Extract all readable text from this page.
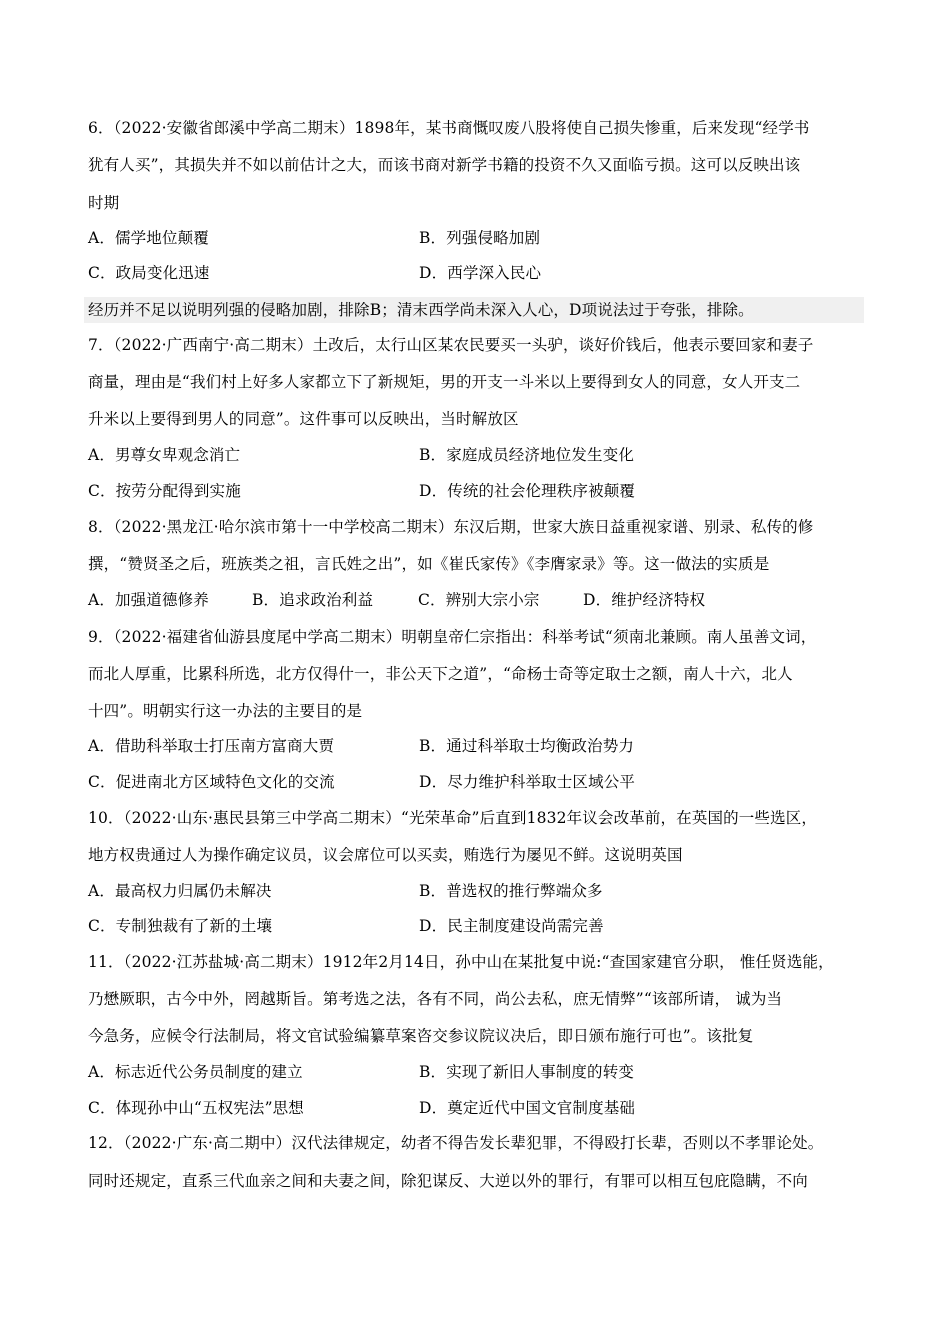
6．（2022·安徽省郎溪中学高二期末）1898年，某书商慨叹废八股将使自己损失惨重，后来发现“经学书
犹有人买”，其损失并不如以前估计之大，而该书商对新学书籍的投资不久又面临亏损。这可以反映出该
时期
A．儒学地位颠覆	B．列强侵略加剧
C．政局变化迅速	D．西学深入民心
经历并不足以说明列强的侵略加剧，排除B；清末西学尚未深入人心，D项说法过于夸张，排除。
7．（2022·广西南宁·高二期末）土改后，太行山区某农民要买一头驴，谈好价钱后，他表示要回家和妻子
商量，理由是“我们村上好多人家都立下了新规矩，男的开支一斗米以上要得到女人的同意，女人开支二
升米以上要得到男人的同意”。这件事可以反映出，当时解放区
A．男尊女卑观念消亡	B．家庭成员经济地位发生变化
C．按劳分配得到实施	D．传统的社会伦理秩序被颠覆
8．（2022·黑龙江·哈尔滨市第十一中学校高二期末）东汉后期，世家大族日益重视家谱、别录、私传的修
撰，“赞贤圣之后，班族类之祖，言氏姓之出”，如《崔氏家传》《李膺家录》等。这一做法的实质是
A．加强道德修养	B．追求政治利益	C．辨别大宗小宗	D．维护经济特权
9．（2022·福建省仙游县度尾中学高二期末）明朝皇帝仁宗指出：科举考试“须南北兼顾。南人虽善文词，
而北人厚重，比累科所选，北方仅得什一，非公天下之道”，“命杨士奇等定取士之额，南人十六，北人
十四”。明朝实行这一办法的主要目的是
A．借助科举取士打压南方富商大贾	B．通过科举取士均衡政治势力
C．促进南北方区域特色文化的交流	D．尽力维护科举取士区域公平
10．（2022·山东·惠民县第三中学高二期末）“光荣革命”后直到1832年议会改革前，在英国的一些选区，
地方权贵通过人为操作确定议员，议会席位可以买卖，贿选行为屡见不鲜。这说明英国
A．最高权力归属仍未解决	B．普选权的推行弊端众多
C．专制独裁有了新的土壤	D．民主制度建设尚需完善
11．（2022·江苏盐城·高二期末）1912年2月14日，孙中山在某批复中说:“查国家建官分职， 惟任贤选能，
乃懋厥职，古今中外，罔越斯旨。第考选之法，各有不同，尚公去私，庶无情弊”“该部所请， 诚为当
今急务，应候令行法制局，将文官试验编纂草案咨交参议院议决后，即日颁布施行可也”。该批复
A．标志近代公务员制度的建立	B．实现了新旧人事制度的转变
C．体现孙中山“五权宪法”思想	D．奠定近代中国文官制度基础
12．（2022·广东·高二期中）汉代法律规定，幼者不得告发长辈犯罪，不得殴打长辈，否则以不孝罪论处。
同时还规定，直系三代血亲之间和夫妻之间，除犯谋反、大逆以外的罪行，有罪可以相互包庇隐瞒，不向
